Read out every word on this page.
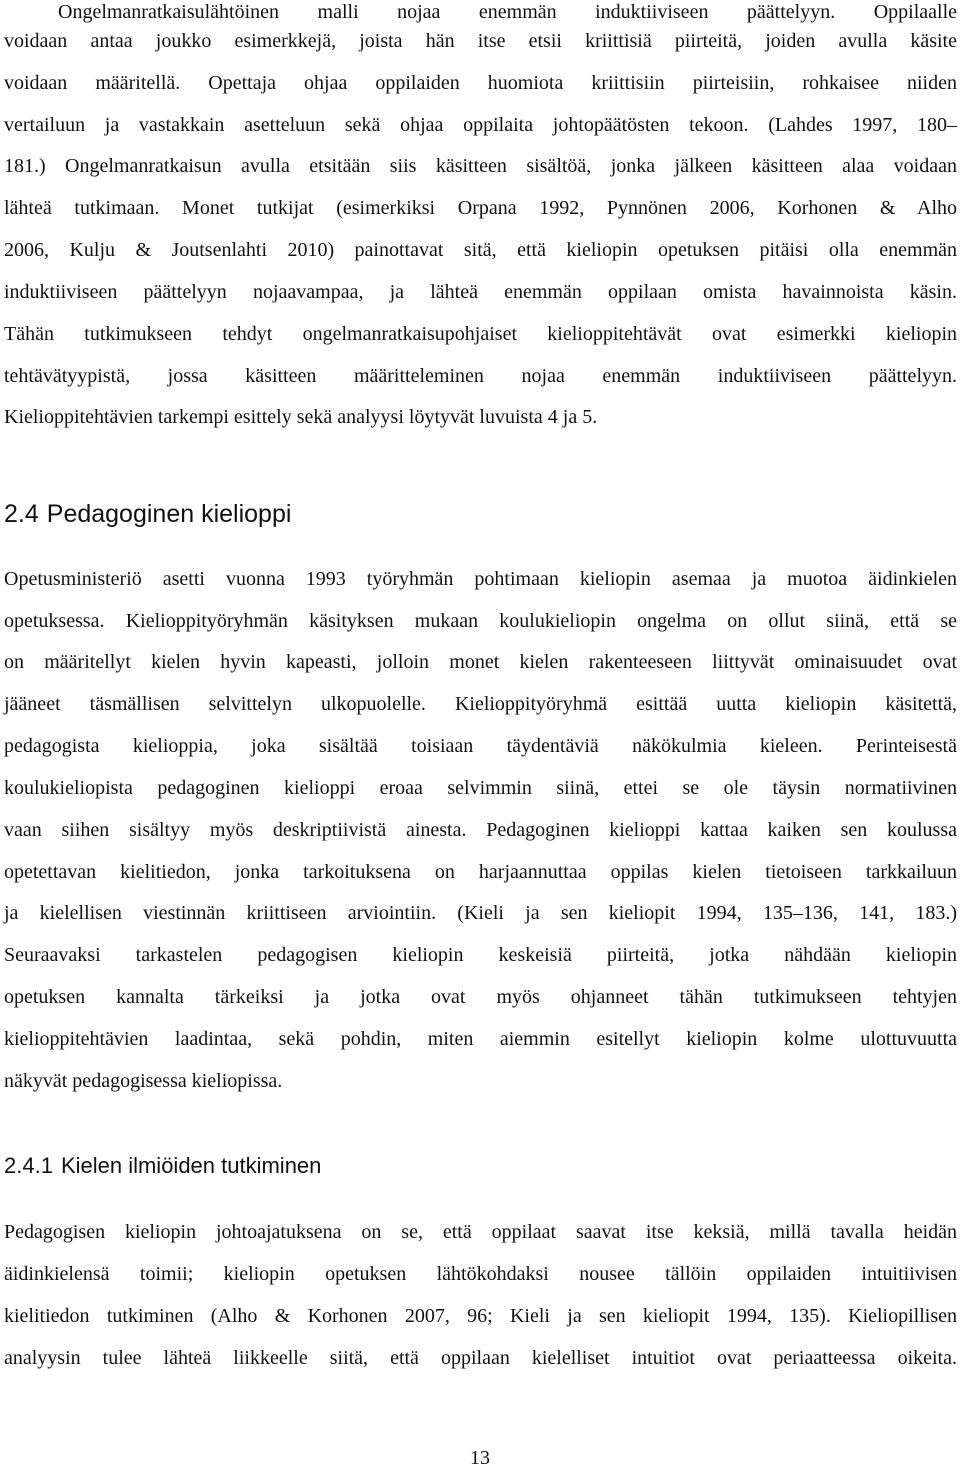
Ongelmanratkaisulähtöinen malli nojaa enemmän induktiiviseen päättelyyn. Oppilaalle

voidaan antaa joukko esimerkkejä, joista hän itse etsii kriittisiä piirteitä, joiden avulla käsite

voidaan määritellä. Opettaja ohjaa oppilaiden huomiota kriittisiin piirteisiin, rohkaisee niiden

vertailuun ja vastakkain asetteluun sekä ohjaa oppilaita johtopäätösten tekoon. (Lahdes 1997, 180–

181.) Ongelmanratkaisun avulla etsitään siis käsitteen sisältöä, jonka jälkeen käsitteen alaa voidaan

lähteä tutkimaan. Monet tutkijat (esimerkiksi Orpana 1992, Pynnönen 2006, Korhonen & Alho

2006, Kulju & Joutsenlahti 2010) painottavat sitä, että kieliopin opetuksen pitäisi olla enemmän

induktiiviseen päättelyyn nojaavampaa, ja lähteä enemmän oppilaan omista havainnoista käsin.

Tähän tutkimukseen tehdyt ongelmanratkaisupohjaiset kielioppitehtävät ovat esimerkki kieliopin

tehtävätyypistä, jossa käsitteen määritteleminen nojaa enemmän induktiiviseen päättelyyn.

Kielioppitehtävien tarkempi esittely sekä analyysi löytyvät luvuista 4 ja 5.

2.4 Pedagoginen kielioppi

Opetusministeriö asetti vuonna 1993 työryhmän pohtimaan kieliopin asemaa ja muotoa äidinkielen

opetuksessa. Kielioppityöryhmän käsityksen mukaan koulukieliopin ongelma on ollut siinä, että se

on määritellyt kielen hyvin kapeasti, jolloin monet kielen rakenteeseen liittyvät ominaisuudet ovat

jääneet täsmällisen selvittelyn ulkopuolelle. Kielioppityöryhmä esittää uutta kieliopin käsitettä,

pedagogista kielioppia, joka sisältää toisiaan täydentäviä näkökulmia kieleen. Perinteisestä

koulukieliopista pedagoginen kielioppi eroaa selvimmin siinä, ettei se ole täysin normatiivinen

vaan siihen sisältyy myös deskriptiivistä ainesta. Pedagoginen kielioppi kattaa kaiken sen koulussa

opetettavan kielitiedon, jonka tarkoituksena on harjaannuttaa oppilas kielen tietoiseen tarkkailuun

ja kielellisen viestinnän kriittiseen arviointiin. (Kieli ja sen kieliopit 1994, 135–136, 141, 183.)

Seuraavaksi tarkastelen pedagogisen kieliopin keskeisiä piirteitä, jotka nähdään kieliopin

opetuksen kannalta tärkeiksi ja jotka ovat myös ohjanneet tähän tutkimukseen tehtyjen

kielioppitehtävien laadintaa, sekä pohdin, miten aiemmin esitellyt kieliopin kolme ulottuvuutta

näkyvät pedagogisessa kieliopissa.

2.4.1 Kielen ilmiöiden tutkiminen

Pedagogisen kieliopin johtoajatuksena on se, että oppilaat saavat itse keksiä, millä tavalla heidän

äidinkielensä toimii; kieliopin opetuksen lähtökohdaksi nousee tällöin oppilaiden intuitiivisen

kielitiedon tutkiminen (Alho & Korhonen 2007, 96; Kieli ja sen kieliopit 1994, 135). Kieliopillisen

analyysin tulee lähteä liikkeelle siitä, että oppilaan kielelliset intuitiot ovat periaatteessa oikeita.

13
